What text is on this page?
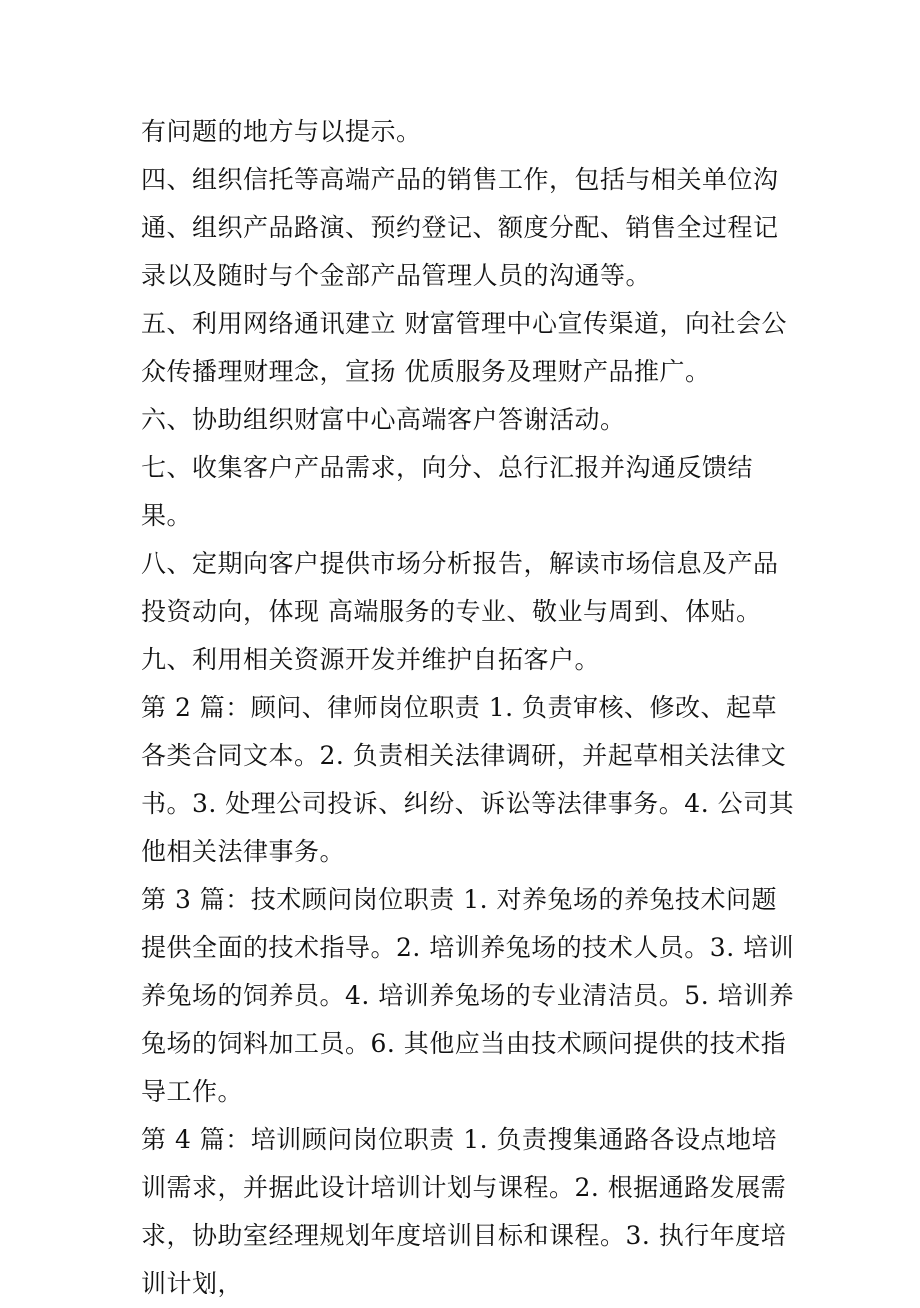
有问题的地方与以提示。

四、组织信托等高端产品的销售工作，包括与相关单位沟通、组织产品路演、预约登记、额度分配、销售全过程记录以及随时与个金部产品管理人员的沟通等。

五、利用网络通讯建立 财富管理中心宣传渠道，向社会公众传播理财理念，宣扬 优质服务及理财产品推广。

六、协助组织财富中心高端客户答谢活动。

七、收集客户产品需求，向分、总行汇报并沟通反馈结果。

八、定期向客户提供市场分析报告，解读市场信息及产品投资动向，体现 高端服务的专业、敬业与周到、体贴。

九、利用相关资源开发并维护自拓客户。

第 2 篇：顾问、律师岗位职责 1. 负责审核、修改、起草各类合同文本。2. 负责相关法律调研，并起草相关法律文书。3. 处理公司投诉、纠纷、诉讼等法律事务。4. 公司其他相关法律事务。

第 3 篇：技术顾问岗位职责 1. 对养兔场的养兔技术问题提供全面的技术指导。2. 培训养兔场的技术人员。3. 培训养兔场的饲养员。4. 培训养兔场的专业清洁员。5. 培训养兔场的饲料加工员。6. 其他应当由技术顾问提供的技术指导工作。

第 4 篇：培训顾问岗位职责 1. 负责搜集通路各设点地培训需求，并据此设计培训计划与课程。2. 根据通路发展需求，协助室经理规划年度培训目标和课程。3. 执行年度培训计划，
